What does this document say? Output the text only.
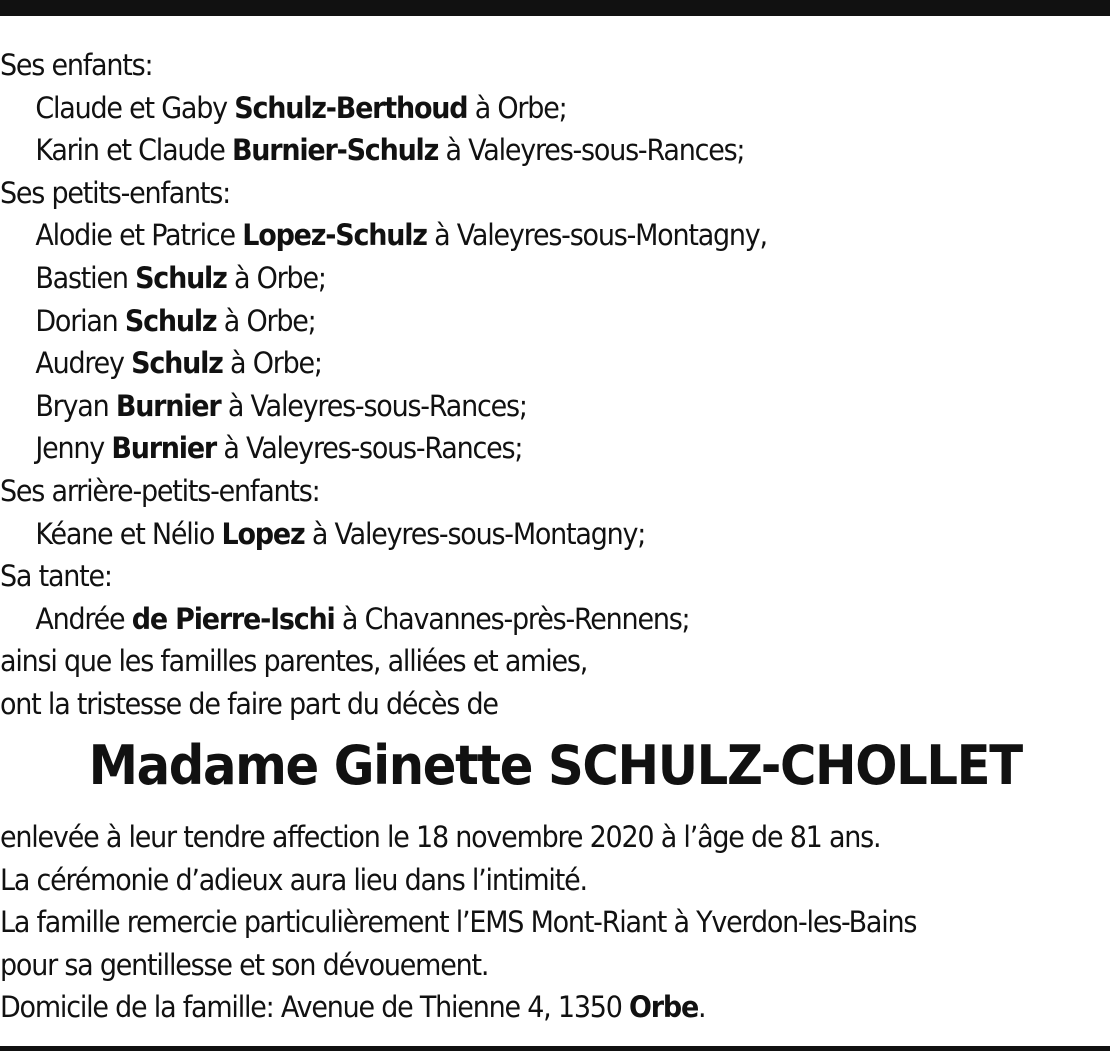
Ses enfants:
Claude et Gaby Schulz-Berthoud à Orbe;
Karin et Claude Burnier-Schulz à Valeyres-sous-Rances;
Ses petits-enfants:
Alodie et Patrice Lopez-Schulz à Valeyres-sous-Montagny,
Bastien Schulz à Orbe;
Dorian Schulz à Orbe;
Audrey Schulz à Orbe;
Bryan Burnier à Valeyres-sous-Rances;
Jenny Burnier à Valeyres-sous-Rances;
Ses arrière-petits-enfants:
Kéane et Nélio Lopez à Valeyres-sous-Montagny;
Sa tante:
Andrée de Pierre-Ischi à Chavannes-près-Rennens;
ainsi que les familles parentes, alliées et amies,
ont la tristesse de faire part du décès de
Madame Ginette SCHULZ-CHOLLET
enlevée à leur tendre affection le 18 novembre 2020 à l’âge de 81 ans.
La cérémonie d’adieux aura lieu dans l’intimité.
La famille remercie particulièrement l’EMS Mont-Riant à Yverdon-les-Bains
pour sa gentillesse et son dévouement.
Domicile de la famille: Avenue de Thienne 4, 1350 Orbe.
